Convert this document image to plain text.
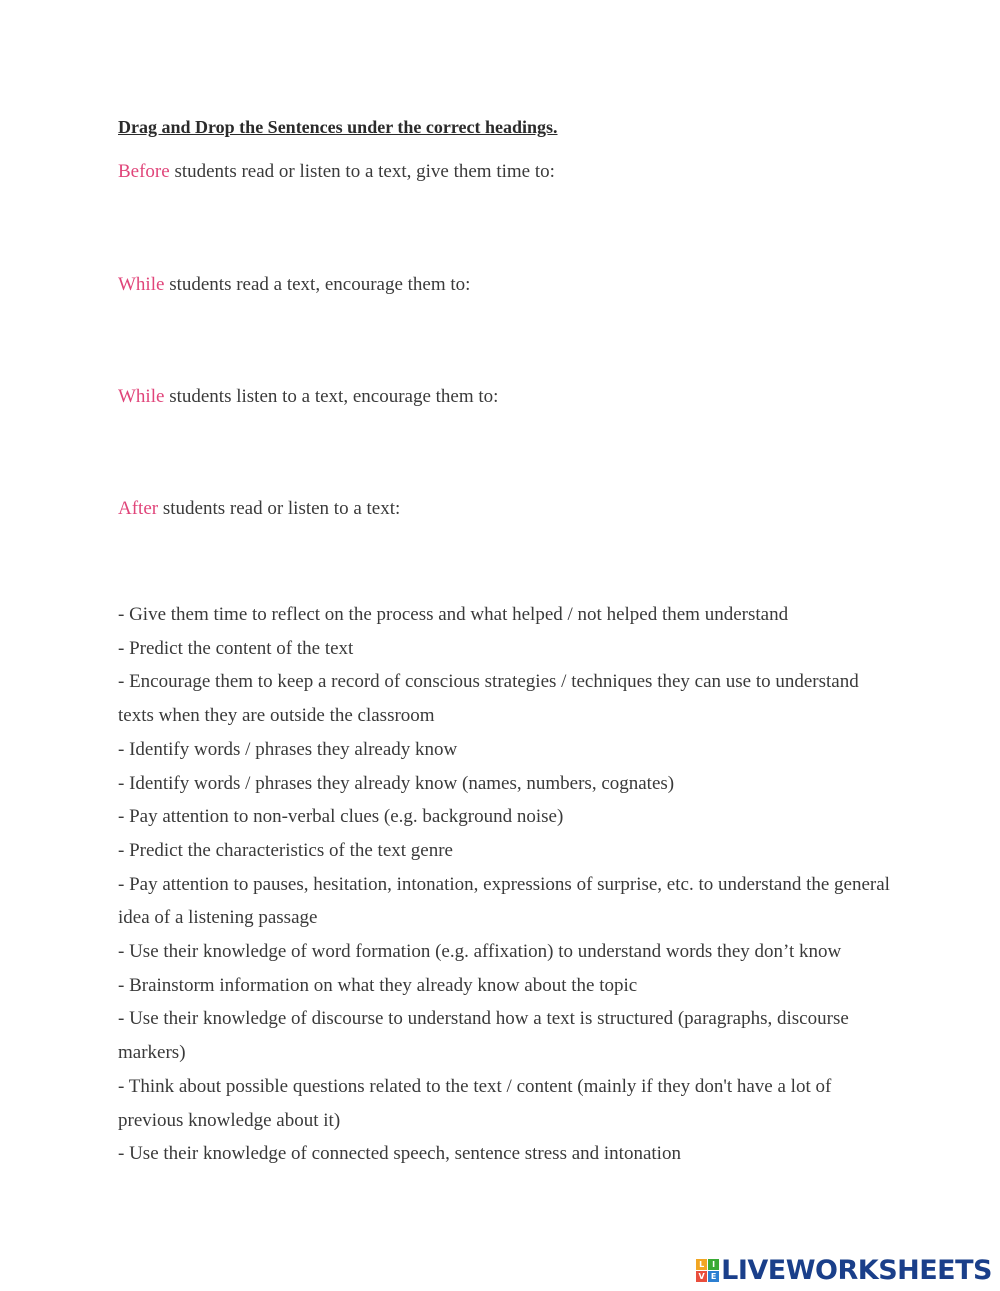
Drag and Drop the Sentences under the correct headings.
Before students read or listen to a text, give them time to:
While students read a text, encourage them to:
While students listen to a text, encourage them to:
After students read or listen to a text:
- Give them time to reflect on the process and what helped / not helped them understand
- Predict the content of the text
- Encourage them to keep a record of conscious strategies / techniques they can use to understand texts when they are outside the classroom
- Identify words / phrases they already know
- Identify words / phrases they already know (names, numbers, cognates)
- Pay attention to non-verbal clues (e.g. background noise)
- Predict the characteristics of the text genre
- Pay attention to pauses, hesitation, intonation, expressions of surprise, etc. to understand the general idea of a listening passage
- Use their knowledge of word formation (e.g. affixation) to understand words they don’t know
- Brainstorm information on what they already know about the topic
- Use their knowledge of discourse to understand how a text is structured (paragraphs, discourse markers)
- Think about possible questions related to the text / content (mainly if they don't have a lot of previous knowledge about it)
- Use their knowledge of connected speech, sentence stress and intonation
L I
V E LIVEWORKSHEETS
